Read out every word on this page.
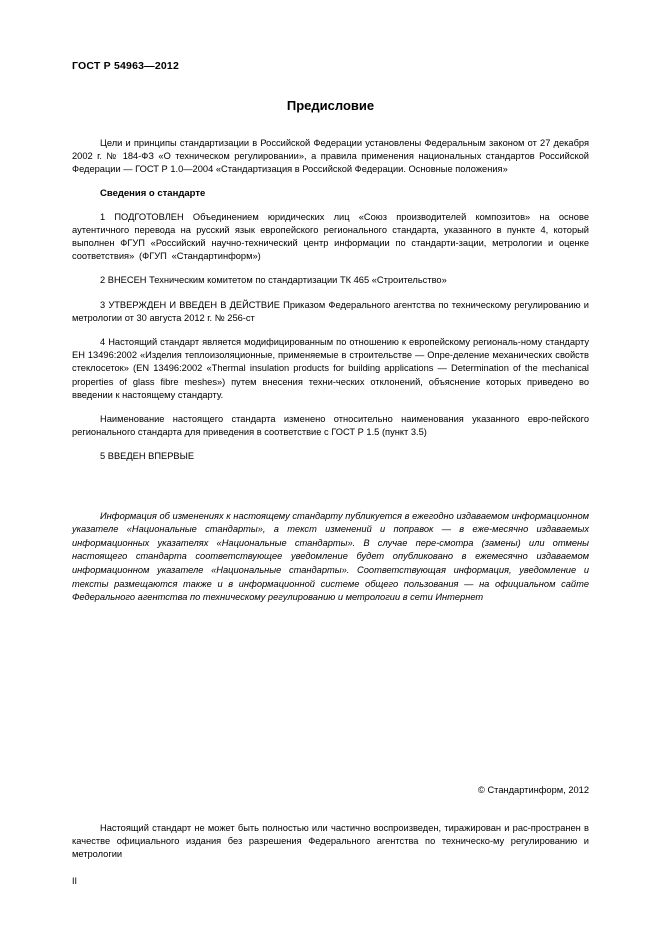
ГОСТ Р 54963—2012
Предисловие

Цели и принципы стандартизации в Российской Федерации установлены Федеральным законом от 27 декабря 2002 г. № 184-ФЗ «О техническом регулировании», а правила применения национальных стандартов Российской Федерации — ГОСТ Р 1.0—2004 «Стандартизация в Российской Федерации. Основные положения»

Сведения о стандарте

1 ПОДГОТОВЛЕН Объединением юридических лиц «Союз производителей композитов» на основе аутентичного перевода на русский язык европейского регионального стандарта, указанного в пункте 4, который выполнен ФГУП «Российский научно-технический центр информации по стандарти-зации, метрологии и оценке соответствия» (ФГУП «Стандартинформ»)

2 ВНЕСЕН Техническим комитетом по стандартизации ТК 465 «Строительство»

3 УТВЕРЖДЕН И ВВЕДЕН В ДЕЙСТВИЕ Приказом Федерального агентства по техническому регулированию и метрологии от 30 августа 2012 г. № 256-ст

4 Настоящий стандарт является модифицированным по отношению к европейскому региональ-ному стандарту ЕН 13496:2002 «Изделия теплоизоляционные, применяемые в строительстве — Опре-деление механических свойств стеклосеток» (EN 13496:2002 «Thermal insulation products for building applications — Determination of the mechanical properties of glass fibre meshes») путем внесения техни-ческих отклонений, объяснение которых приведено во введении к настоящему стандарту.

Наименование настоящего стандарта изменено относительно наименования указанного евро-пейского регионального стандарта для приведения в соответствие с ГОСТ Р 1.5 (пункт 3.5)

5 ВВЕДЕН ВПЕРВЫЕ

Информация об изменениях к настоящему стандарту публикуется в ежегодно издаваемом информационном указателе «Национальные стандарты», а текст изменений и поправок — в еже-месячно издаваемых информационных указателях «Национальные стандарты». В случае пере-смотра (замены) или отмены настоящего стандарта соответствующее уведомление будет опубликовано в ежемесячно издаваемом информационном указателе «Национальные стандарты». Соответствующая информация, уведомление и тексты размещаются также и в информационной системе общего пользования — на официальном сайте Федерального агентства по техническому регулированию и метрологии в сети Интернет

© Стандартинформ, 2012
Настоящий стандарт не может быть полностью или частично воспроизведен, тиражирован и рас-пространен в качестве официального издания без разрешения Федерального агентства по техническо-му регулированию и метрологии
II
